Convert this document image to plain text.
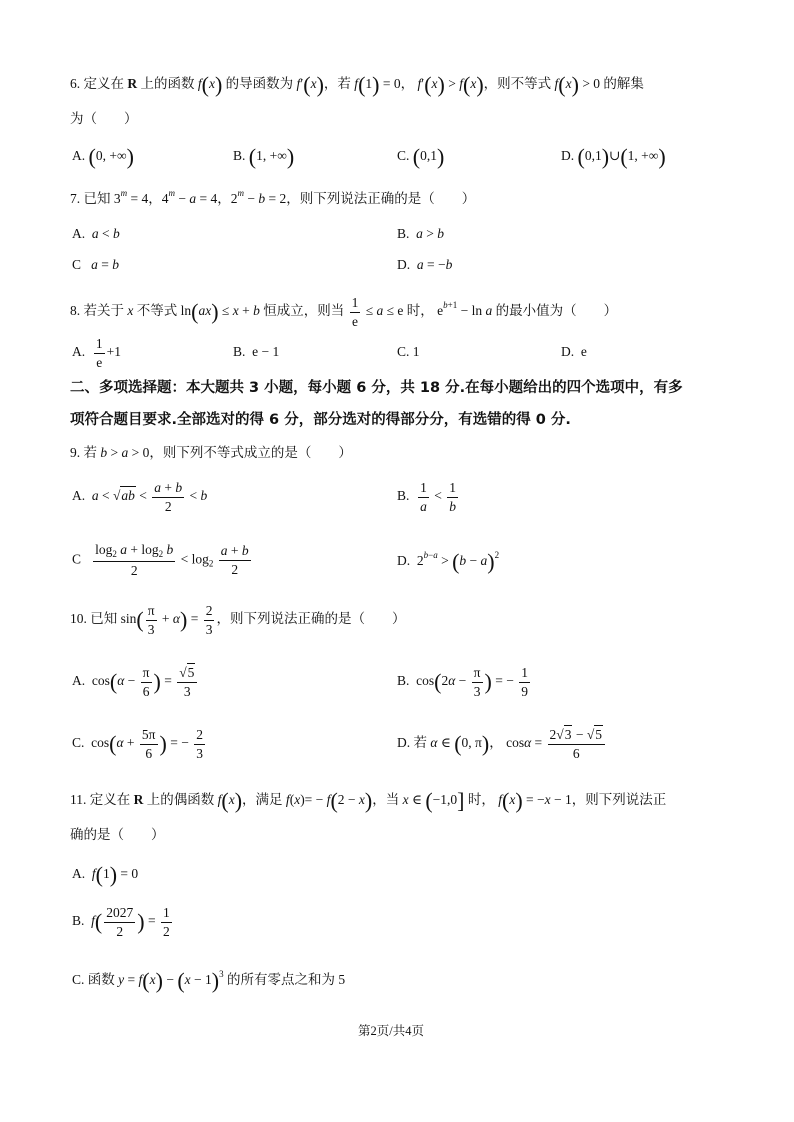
6. 定义在 R 上的函数 f(x) 的导函数为 f′(x)，若 f(1) = 0， f′(x) > f(x)，则不等式 f(x) > 0 的解集
为（　　）
A. (0, +∞)	B. (1, +∞)	C. (0,1)	D. (0,1)∪(1, +∞)
7. 已知 $3^m = 4$，$4^m - a = 4$，$2^m - b = 2$，则下列说法正确的是（　　）
A.  a < b	B.  a > b
C   a = b	D.  a = −b
8. 若关于 x 不等式 ln(ax) ≤ x + b 恒成立，则当 $\frac{1}{e} \le a \le e$ 时， $e^{b+1} - \ln a$ 的最小值为（　　）
A. $\frac{1}{e} +1$	B.  e − 1	C. 1	D.  e
二、多项选择题：本大题共 3 小题，每小题 6 分，共 18 分.在每小题给出的四个选项中，有多
项符合题目要求.全部选对的得 6 分，部分选对的得部分分，有选错的得 0 分.
9. 若 b > a > 0，则下列不等式成立的是（　　）
A.  $a < √ab < \frac{a + b}{2} < b$	B. $\frac{1}{a} < \frac{1}{b}$
C $\frac{\log_2 a + \log_2 b}{2} < \log_2 \frac{a + b}{2}$	D.  $2^{b-a} > (b - a)^2$
10. 已知 $\sin( \frac{\pi}{3} + \alpha) = \frac{2}{3}$ ，则下列说法正确的是（　　）
A.  $\cos(\alpha - \frac{\pi}{6}$ ) = $\frac{√5}{3}$	B.  $\cos(2\alpha - \frac{\pi}{3}$ ) = − $\frac{1}{9}$
C.  $\cos(\alpha + \frac{5\pi}{6}$ ) = − $\frac{2}{3}$	D. 若 α ∈ (0, π)， $\cos\alpha = \frac{2√3 - √5}{6}$
11. 定义在 R 上的偶函数 f(x)，满足 f(x)= − f(2 − x)，当 x ∈ (−1,0] 时， f(x) = −x − 1，则下列说法正
确的是（　　）
A.  f(1) = 0
B.  $f( \frac{2027}{2}$ ) = $\frac{1}{2}$
C. 函数 $y = f(x) - (x - 1)^3$ 的所有零点之和为 5
第2页/共4页
